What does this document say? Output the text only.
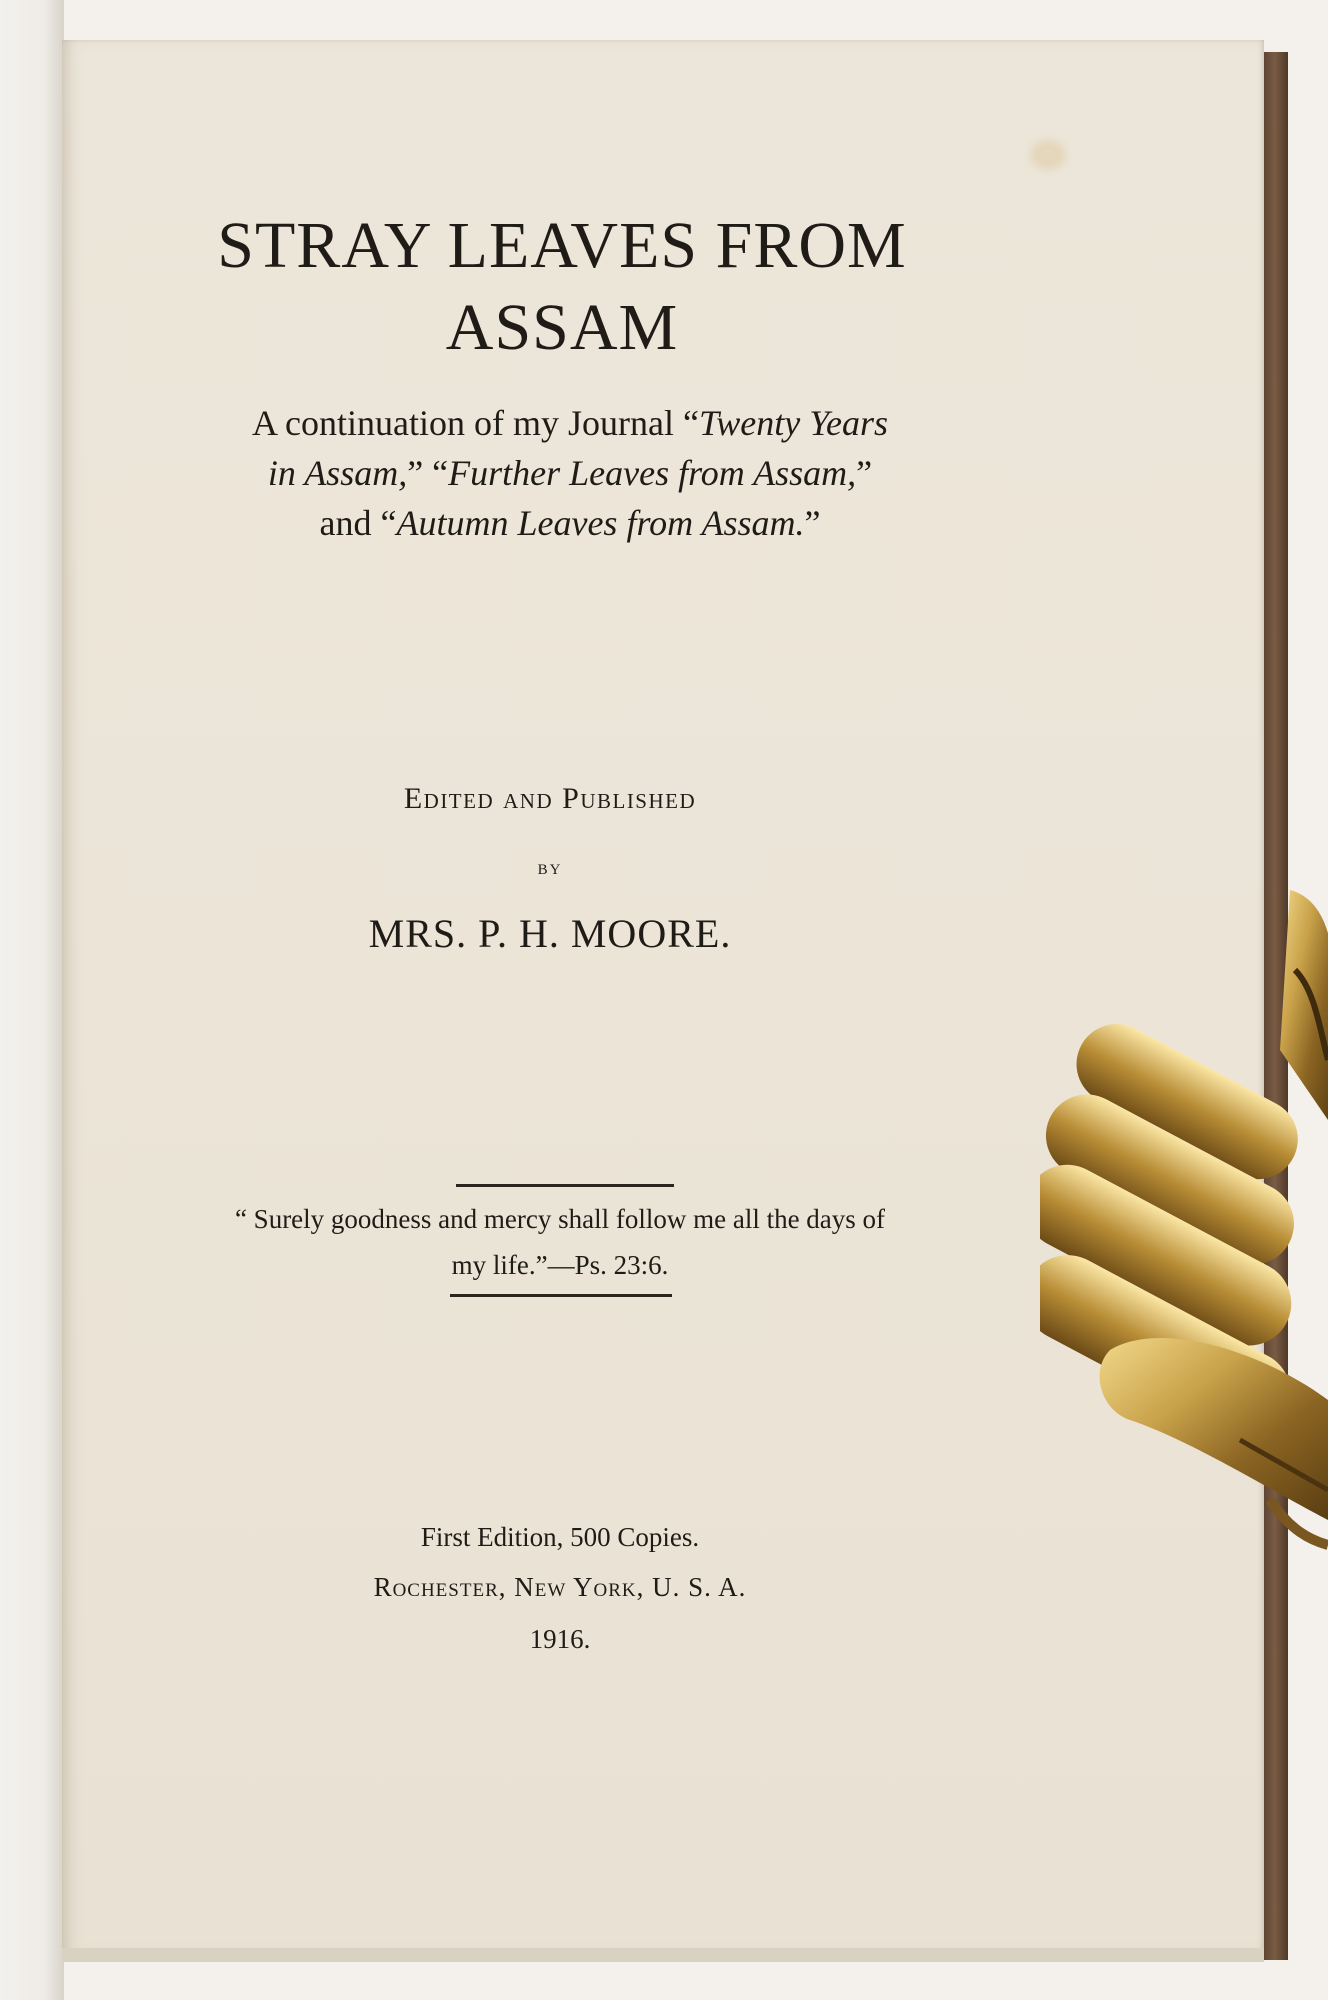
STRAY LEAVES FROM
ASSAM
A continuation of my Journal “Twenty Years
in Assam,” “Further Leaves from Assam,”
and “Autumn Leaves from Assam.”
Edited and Published
by
MRS. P. H. MOORE.
“ Surely goodness and mercy shall follow me all the days of
my life.”—Ps. 23:6.
First Edition, 500 Copies.
Rochester, New York, U. S. A.
1916.
